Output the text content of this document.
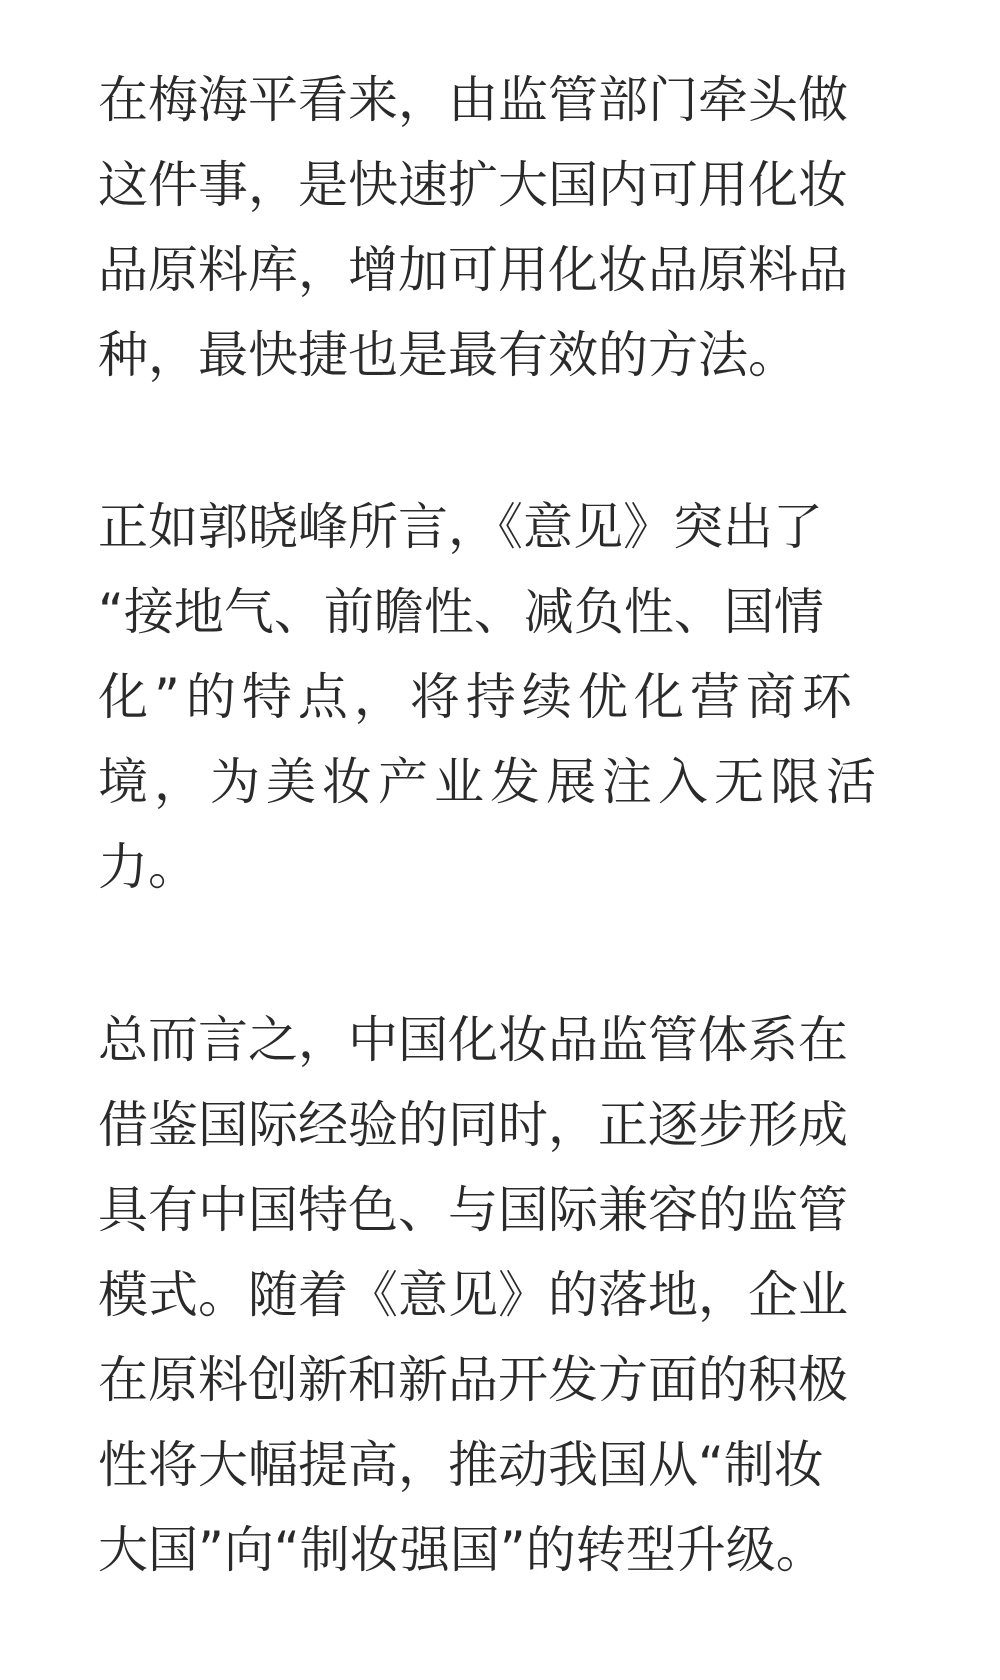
在梅海平看来，由监管部门牵头做
这件事，是快速扩大国内可用化妆
品原料库，增加可用化妆品原料品
种，最快捷也是最有效的方法。
正如郭晓峰所言，《意见》突出了
“接地气、前瞻性、减负性、国情
化”的特点，将持续优化营商环
境，为美妆产业发展注入无限活
力。
总而言之，中国化妆品监管体系在
借鉴国际经验的同时，正逐步形成
具有中国特色、与国际兼容的监管
模式。随着《意见》的落地，企业
在原料创新和新品开发方面的积极
性将大幅提高，推动我国从“制妆
大国”向“制妆强国”的转型升级。
